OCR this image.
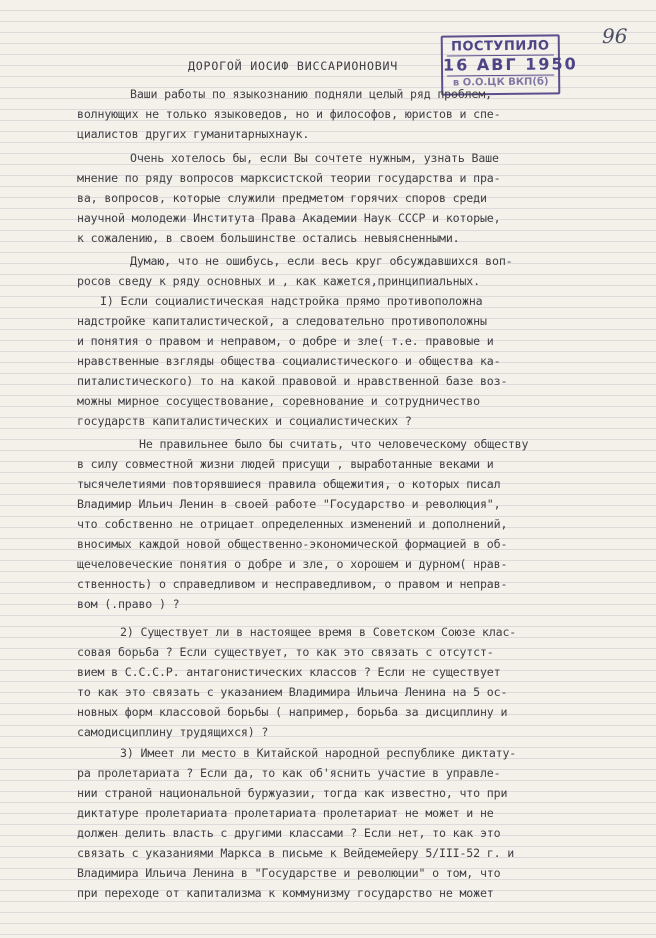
96
ПОСТУПИЛО
16 АВГ 1950
в О.О.ЦК ВКП(б)

ДОРОГОЙ ИОСИФ ВИССАРИОНОВИЧ

Ваши работы по языкознанию подняли целый ряд проблем,

волнующих не только языковедов, но и философов, юристов и спе-

циалистов других гуманитарныхнаук.

Очень хотелось бы, если Вы сочтете нужным, узнать Ваше

мнение по ряду вопросов марксистской теории государства и пра-

ва, вопросов, которые служили предметом горячих споров среди

научной молодежи Института Права Академии Наук СССР и которые,

к сожалению, в своем большинстве остались невыясненными.

Думаю, что не ошибусь, если весь круг обсуждавшихся воп-

росов сведу к ряду основных и , как кажется,принципиальных.

I) Если социалистическая надстройка прямо противоположна

надстройке капиталистической, а следовательно противоположны

и понятия о правом и неправом, о добре и зле( т.е. правовые и

нравственные взгляды общества социалистического и общества ка-

питалистического) то на какой правовой и нравственной базе воз-

можны мирное сосуществование, соревнование и сотрудничество

государств капиталистических и социалистических ?

Не правильнее было бы считать, что человеческому обществу

в силу совместной жизни людей присущи , выработанные веками и

тысячелетиями повторявшиеся правила общежития, о которых писал

Владимир Ильич Ленин в своей работе "Государство и революция",

что собственно не отрицает определенных изменений и дополнений,

вносимых каждой новой общественно-экономической формацией в об-

щечеловеческие понятия о добре и зле, о хорошем и дурном( нрав-

ственность) о справедливом и несправедливом, о правом и неправ-

вом (.право ) ?

2) Существует ли в настоящее время в Советском Союзе клас-

совая борьба ? Если существует, то как это связать с отсутст-

вием в С.С.С.Р. антагонистических классов ? Если не существует

то как это связать с указанием Владимира Ильича Ленина на 5 ос-

новных форм классовой борьбы ( например, борьба за дисциплину и

самодисциплину трудящихся) ?

3) Имеет ли место в Китайской народной республике диктату-

ра пролетариата ? Если да, то как об'яснить участие в управле-

нии страной национальной буржуазии, тогда как известно, что при

диктатуре пролетариата пролетариата пролетариат не может и не

должен делить власть с другими классами ? Если нет, то как это

связать с указаниями Маркса в письме к Вейдемейеру 5/III-52 г. и

Владимира Ильича Ленина в "Государстве и революции" о том, что

при переходе от капитализма к коммунизму государство не может
